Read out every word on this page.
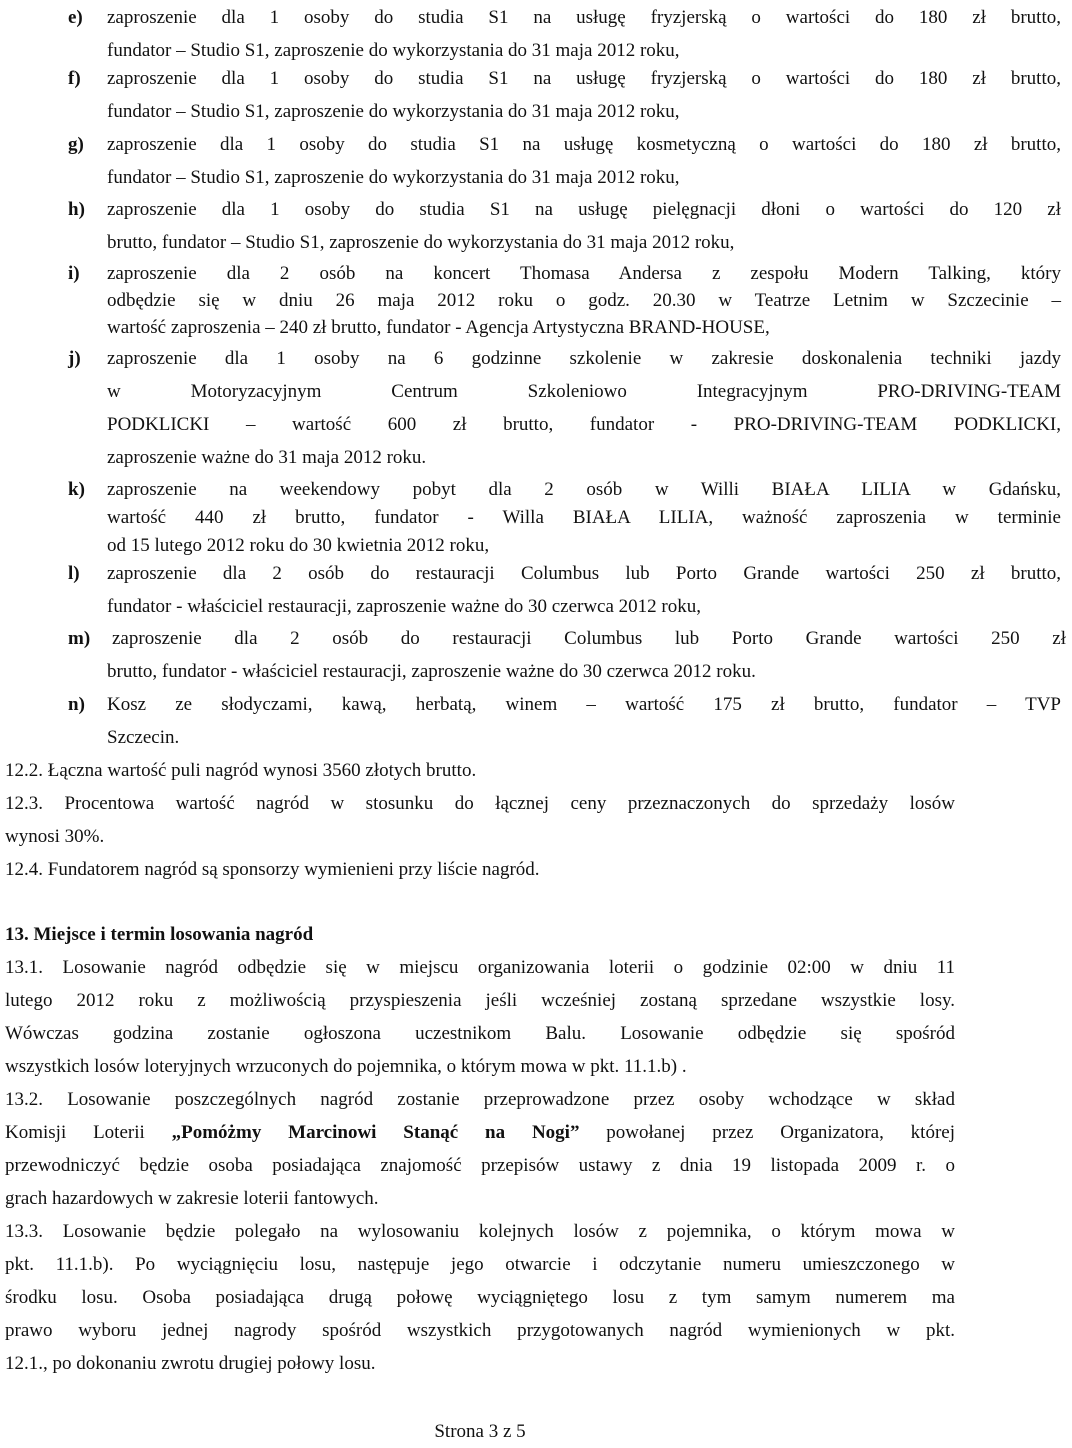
e) zaproszenie dla 1 osoby do studia S1 na usługę fryzjerską o wartości do 180 zł brutto,
fundator – Studio S1, zaproszenie do wykorzystania do 31 maja 2012 roku,
f) zaproszenie dla 1 osoby do studia S1 na usługę fryzjerską o wartości do 180 zł brutto,
fundator – Studio S1, zaproszenie do wykorzystania do 31 maja 2012 roku,
g) zaproszenie dla 1 osoby do studia S1 na usługę kosmetyczną o wartości do 180 zł brutto,
fundator – Studio S1, zaproszenie do wykorzystania do 31 maja 2012 roku,
h) zaproszenie dla 1 osoby do studia S1 na usługę pielęgnacji dłoni o wartości do 120 zł
brutto, fundator – Studio S1, zaproszenie do wykorzystania do 31 maja 2012 roku,
i) zaproszenie dla 2 osób na koncert Thomasa Andersa z zespołu Modern Talking, który
odbędzie się w dniu 26 maja 2012 roku o godz. 20.30 w Teatrze Letnim w Szczecinie –
wartość zaproszenia – 240 zł brutto, fundator - Agencja Artystyczna BRAND-HOUSE,
j) zaproszenie dla 1 osoby na 6 godzinne szkolenie w zakresie doskonalenia techniki jazdy
w Motoryzacyjnym Centrum Szkoleniowo Integracyjnym PRO-DRIVING-TEAM
PODKLICKI – wartość 600 zł brutto, fundator - PRO-DRIVING-TEAM PODKLICKI,
zaproszenie ważne do 31 maja 2012 roku.
k) zaproszenie na weekendowy pobyt dla 2 osób w Willi BIAŁA LILIA w Gdańsku,
wartość 440 zł brutto, fundator - Willa BIAŁA LILIA, ważność zaproszenia w terminie
od 15 lutego 2012 roku do 30 kwietnia 2012 roku,
l) zaproszenie dla 2 osób do restauracji Columbus lub Porto Grande wartości 250 zł brutto,
fundator - właściciel restauracji, zaproszenie ważne do 30 czerwca 2012 roku,
m) zaproszenie dla 2 osób do restauracji Columbus lub Porto Grande wartości 250 zł
brutto, fundator - właściciel restauracji, zaproszenie ważne do 30 czerwca 2012 roku.
n) Kosz ze słodyczami, kawą, herbatą, winem – wartość 175 zł brutto, fundator – TVP
Szczecin.
12.2. Łączna wartość puli nagród wynosi 3560 złotych brutto.
12.3. Procentowa wartość nagród w stosunku do łącznej ceny przeznaczonych do sprzedaży losów
wynosi 30%.
12.4. Fundatorem nagród są sponsorzy wymienieni przy liście nagród.
13. Miejsce i termin losowania nagród
13.1. Losowanie nagród odbędzie się w miejscu organizowania loterii o godzinie 02:00 w dniu 11
lutego 2012 roku z możliwością przyspieszenia jeśli wcześniej zostaną sprzedane wszystkie losy.
Wówczas godzina zostanie ogłoszona uczestnikom Balu. Losowanie odbędzie się spośród
wszystkich losów loteryjnych wrzuconych do pojemnika, o którym mowa w pkt. 11.1.b) .
13.2. Losowanie poszczególnych nagród zostanie przeprowadzone przez osoby wchodzące w skład
Komisji Loterii „Pomóżmy Marcinowi Stanąć na Nogi” powołanej przez Organizatora, której
przewodniczyć będzie osoba posiadająca znajomość przepisów ustawy z dnia 19 listopada 2009 r. o
grach hazardowych w zakresie loterii fantowych.
13.3. Losowanie będzie polegało na wylosowaniu kolejnych losów z pojemnika, o którym mowa w
pkt. 11.1.b). Po wyciągnięciu losu, następuje jego otwarcie i odczytanie numeru umieszczonego w
środku losu. Osoba posiadająca drugą połowę wyciągniętego losu z tym samym numerem ma
prawo wyboru jednej nagrody spośród wszystkich przygotowanych nagród wymienionych w pkt.
12.1., po dokonaniu zwrotu drugiej połowy losu.
Strona 3 z 5
